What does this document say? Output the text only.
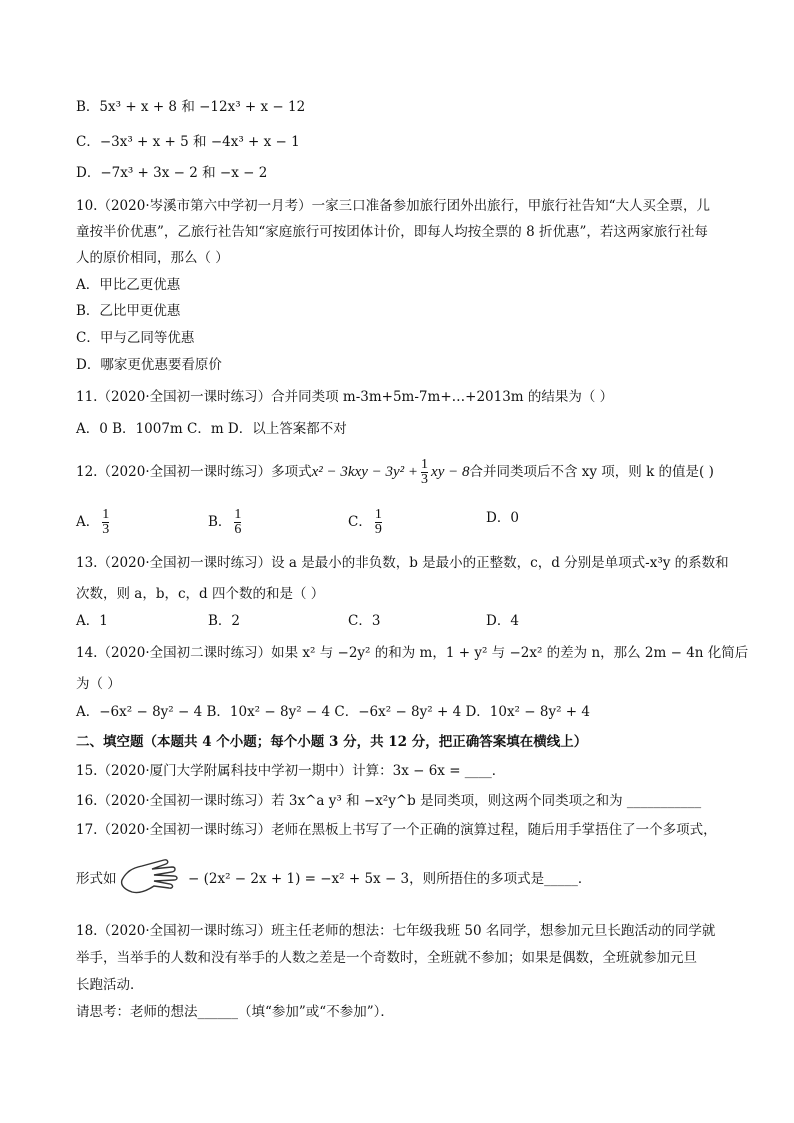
B．5x³ + x + 8 和 −12x³ + x − 12
C．−3x³ + x + 5 和 −4x³ + x − 1
D．−7x³ + 3x − 2 和 −x − 2
10.（2020·岑溪市第六中学初一月考）一家三口准备参加旅行团外出旅行，甲旅行社告知“大人买全票，儿
童按半价优惠”，乙旅行社告知“家庭旅行可按团体计价，即每人均按全票的 8 折优惠”，若这两家旅行社每
人的原价相同，那么（ ）
A．甲比乙更优惠
B．乙比甲更优惠
C．甲与乙同等优惠
D．哪家更优惠要看原价
11.（2020·全国初一课时练习）合并同类项 m-3m+5m-7m+…+2013m 的结果为（ ）
A．0 B．1007m C．m D．以上答案都不对
12.（2020·全国初一课时练习）多项式$x^2 - 3kxy - 3y^2 + \frac{1}{3}$ xy − 8合并同类项后不含 xy 项，则 k 的值是( )
A． $\frac{1}{3}$	B． $\frac{1}{6}$	C． $\frac{1}{9}$	D．0
13.（2020·全国初一课时练习）设 a 是最小的非负数，b 是最小的正整数，c，d 分别是单项式-x³y 的系数和
次数，则 a，b，c，d 四个数的和是（ ）
A．1	B．2	C．3	D．4
14.（2020·全国初二课时练习）如果 x² 与 −2y² 的和为 m，1 + y² 与 −2x² 的差为 n，那么 2m − 4n 化简后
为（ ）
A．−6x² − 8y² − 4 B．10x² − 8y² − 4 C．−6x² − 8y² + 4 D．10x² − 8y² + 4
二、填空题（本题共 4 个小题；每个小题 3 分，共 12 分，把正确答案填在横线上）
15.（2020·厦门大学附属科技中学初一期中）计算：3x − 6x = ____．
16.（2020·全国初一课时练习）若 3x^a y³ 和 −x²y^b 是同类项，则这两个同类项之和为 ___________
17.（2020·全国初一课时练习）老师在黑板上书写了一个正确的演算过程，随后用手掌捂住了一个多项式，
形式如	− (2x² − 2x + 1) = −x² + 5x − 3，则所捂住的多项式是_____．
18.（2020·全国初一课时练习）班主任老师的想法：七年级我班 50 名同学，想参加元旦长跑活动的同学就
举手，当举手的人数和没有举手的人数之差是一个奇数时，全班就不参加；如果是偶数，全班就参加元旦
长跑活动．
请思考：老师的想法______（填“参加”或“不参加”）．
